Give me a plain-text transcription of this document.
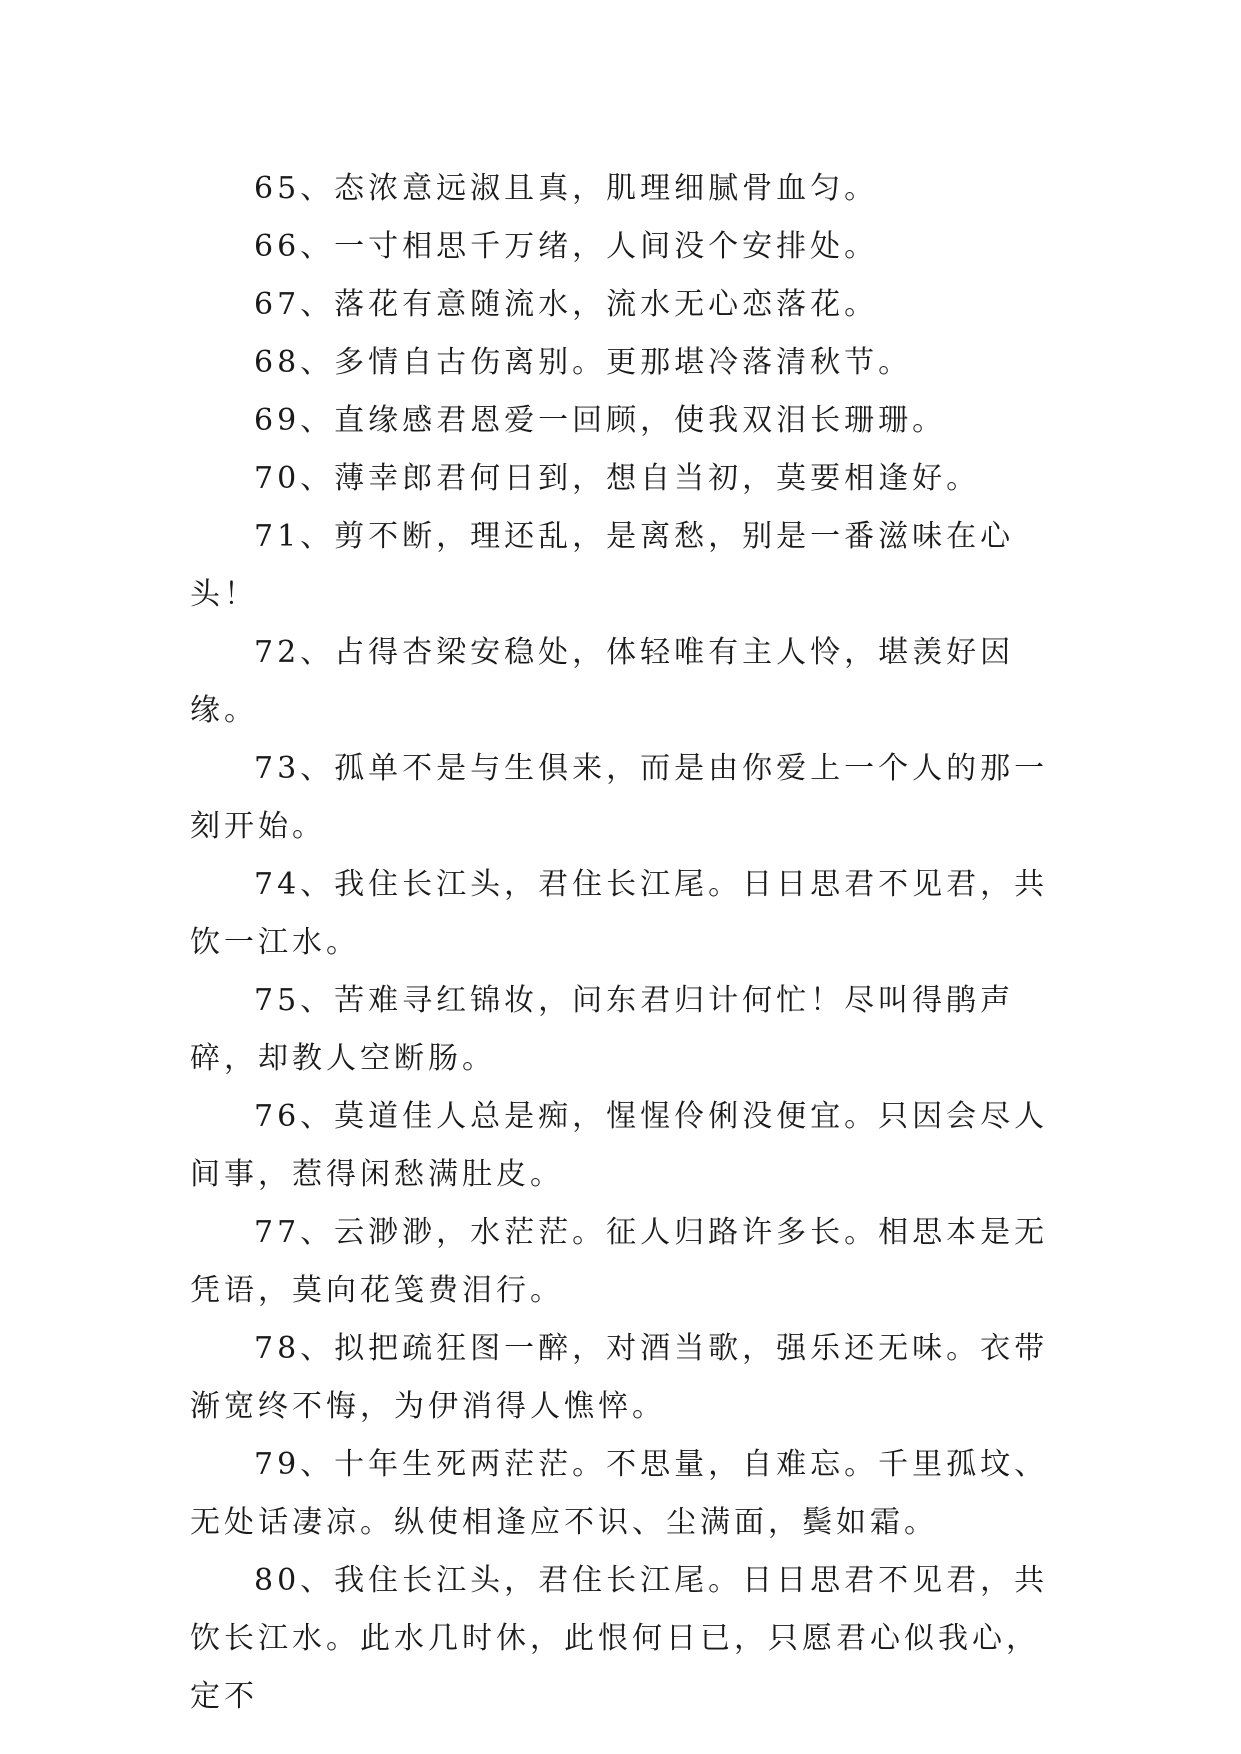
65、态浓意远淑且真，肌理细腻骨血匀。

66、一寸相思千万绪，人间没个安排处。

67、落花有意随流水，流水无心恋落花。

68、多情自古伤离别。更那堪冷落清秋节。

69、直缘感君恩爱一回顾，使我双泪长珊珊。

70、薄幸郎君何日到，想自当初，莫要相逢好。

71、剪不断，理还乱，是离愁，别是一番滋味在心头！

72、占得杏梁安稳处，体轻唯有主人怜，堪羡好因缘。

73、孤单不是与生俱来，而是由你爱上一个人的那一刻开始。

74、我住长江头，君住长江尾。日日思君不见君，共饮一江水。

75、苦难寻红锦妆，问东君归计何忙！尽叫得鹃声碎，却教人空断肠。

76、莫道佳人总是痴，惺惺伶俐没便宜。只因会尽人间事，惹得闲愁满肚皮。

77、云渺渺，水茫茫。征人归路许多长。相思本是无凭语，莫向花笺费泪行。

78、拟把疏狂图一醉，对酒当歌，强乐还无味。衣带渐宽终不悔，为伊消得人憔悴。

79、十年生死两茫茫。不思量，自难忘。千里孤坟、无处话凄凉。纵使相逢应不识、尘满面，鬓如霜。

80、我住长江头，君住长江尾。日日思君不见君，共饮长江水。此水几时休，此恨何日已，只愿君心似我心，定不
